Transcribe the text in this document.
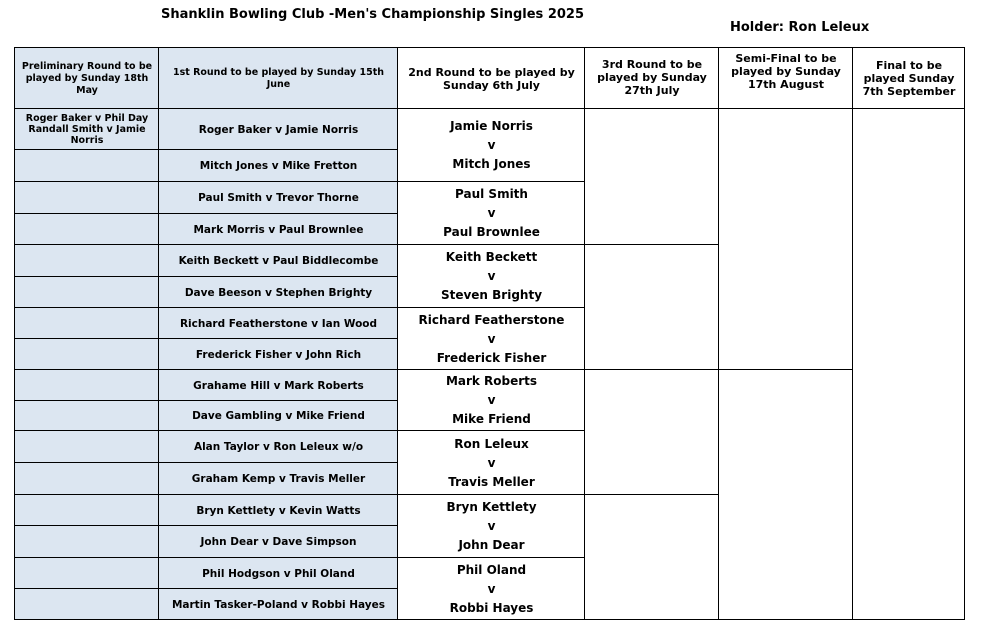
Shanklin Bowling Club -Men's Championship Singles 2025
Holder: Ron Leleux
Preliminary Round to be played by Sunday 18th May
1st Round to be played by Sunday 15th June
2nd Round to be played by Sunday 6th July
3rd Round to be played by Sunday 27th July
Semi-Final to be played by Sunday 17th August
Final to be played Sunday 7th September
Roger Baker v Phil Day
Randall Smith v Jamie Norris
Roger Baker v Jamie Norris
Mitch Jones v Mike Fretton
Paul Smith v Trevor Thorne
Mark Morris v Paul Brownlee
Keith Beckett v Paul Biddlecombe
Dave Beeson v Stephen Brighty
Richard Featherstone v Ian Wood
Frederick Fisher v John Rich
Grahame Hill v Mark Roberts
Dave Gambling v Mike Friend
Alan Taylor v Ron Leleux w/o
Graham Kemp v Travis Meller
Bryn Kettlety v Kevin Watts
John Dear v Dave Simpson
Phil Hodgson v Phil Oland
Martin Tasker-Poland v Robbi Hayes
Jamie Norris
v
Mitch Jones
Paul Smith
v
Paul Brownlee
Keith Beckett
v
Steven Brighty
Richard Featherstone
v
Frederick Fisher
Mark Roberts
v
Mike Friend
Ron Leleux
v
Travis Meller
Bryn Kettlety
v
John Dear
Phil Oland
v
Robbi Hayes
